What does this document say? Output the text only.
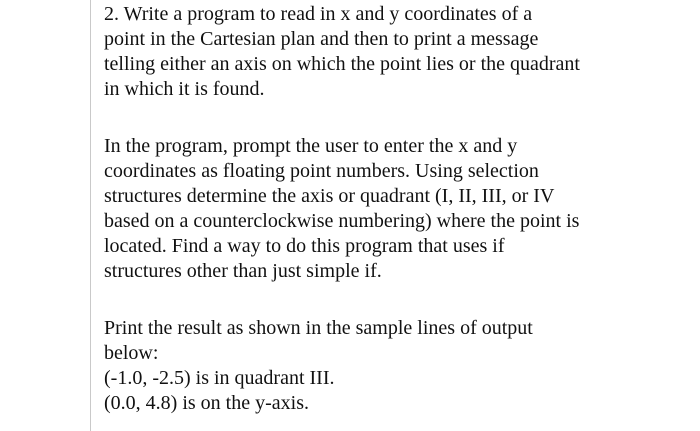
2. Write a program to read in x and y coordinates of a
point in the Cartesian plan and then to print a message
telling either an axis on which the point lies or the quadrant
in which it is found.
In the program, prompt the user to enter the x and y
coordinates as floating point numbers. Using selection
structures determine the axis or quadrant (I, II, III, or IV
based on a counterclockwise numbering) where the point is
located. Find a way to do this program that uses if
structures other than just simple if.
Print the result as shown in the sample lines of output
below:
(-1.0, -2.5) is in quadrant III.
(0.0, 4.8) is on the y-axis.
